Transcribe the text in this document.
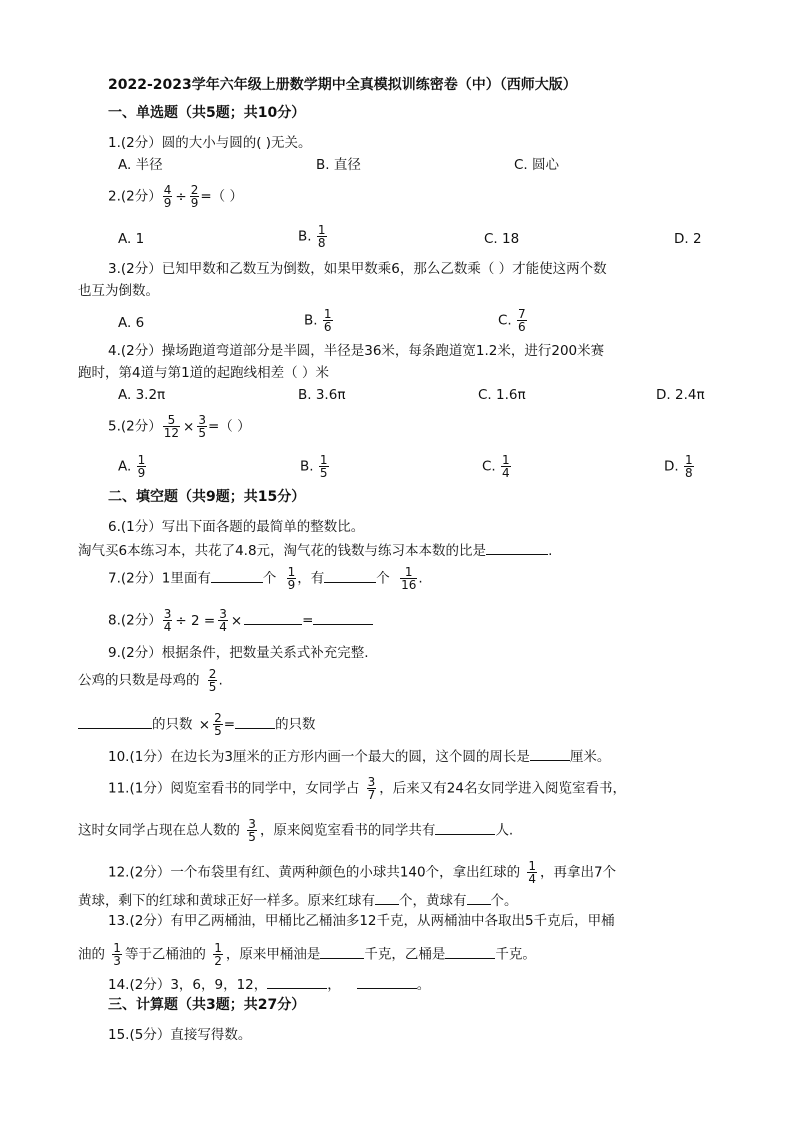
2022-2023学年六年级上册数学期中全真模拟训练密卷（中）（西师大版）
一、单选题（共5题；共10分）
1.(2分）圆的大小与圆的( )无关。
A. 半径	B. 直径	C. 圆心
2.(2分） $\frac{4}{9} \div \frac{2}{9}$ =（ ）
A. 1	B. $\frac{1}{8}$	C. 18	D. 2
3.(2分）已知甲数和乙数互为倒数，如果甲数乘6，那么乙数乘（ ）才能使这两个数
也互为倒数。
A. 6	B. $\frac{1}{6}$	C. $\frac{7}{6}$
4.(2分）操场跑道弯道部分是半圆，半径是36米，每条跑道宽1.2米，进行200米赛
跑时，第4道与第1道的起跑线相差（ ）米
A. 3.2π	B. 3.6π	C. 1.6π	D. 2.4π
5.(2分） $\frac{5}{12} \times \frac{3}{5}$ =（ ）
A. $\frac{1}{9}$	B. $\frac{1}{5}$	C. $\frac{1}{4}$	D. $\frac{1}{8}$
二、填空题（共9题；共15分）
6.(1分）写出下面各题的最简单的整数比。
淘气买6本练习本，共花了4.8元，淘气花的钱数与练习本本数的比是	.
7.(2分）1里面有	个 $\frac{1}{9}$ ，有	个 $\frac{1}{16}$ .
8.(2分） $\frac{3}{4} \div 2 = \frac{3}{4}$ ×	=
9.(2分）根据条件，把数量关系式补充完整.
公鸡的只数是母鸡的 $\frac{2}{5}$ .
的只数 × $\frac{2}{5}$ =	的只数
10.(1分）在边长为3厘米的正方形内画一个最大的圆，这个圆的周长是	厘米。
11.(1分）阅览室看书的同学中，女同学占 $\frac{3}{7}$ ，后来又有24名女同学进入阅览室看书，
这时女同学占现在总人数的 $\frac{3}{5}$ ，原来阅览室看书的同学共有	人.
12.(2分）一个布袋里有红、黄两种颜色的小球共140个，拿出红球的 $\frac{1}{4}$ ，再拿出7个
黄球，剩下的红球和黄球正好一样多。原来红球有 个，黄球有 个。
13.(2分）有甲乙两桶油，甲桶比乙桶油多12千克，从两桶油中各取出5千克后，甲桶
油的 $\frac{1}{3}$ 等于乙桶油的 $\frac{1}{2}$ ，原来甲桶油是	千克，乙桶是	千克。
14.(2分）3，6，9，12，	，	。
三、计算题（共3题；共27分）
15.(5分）直接写得数。
